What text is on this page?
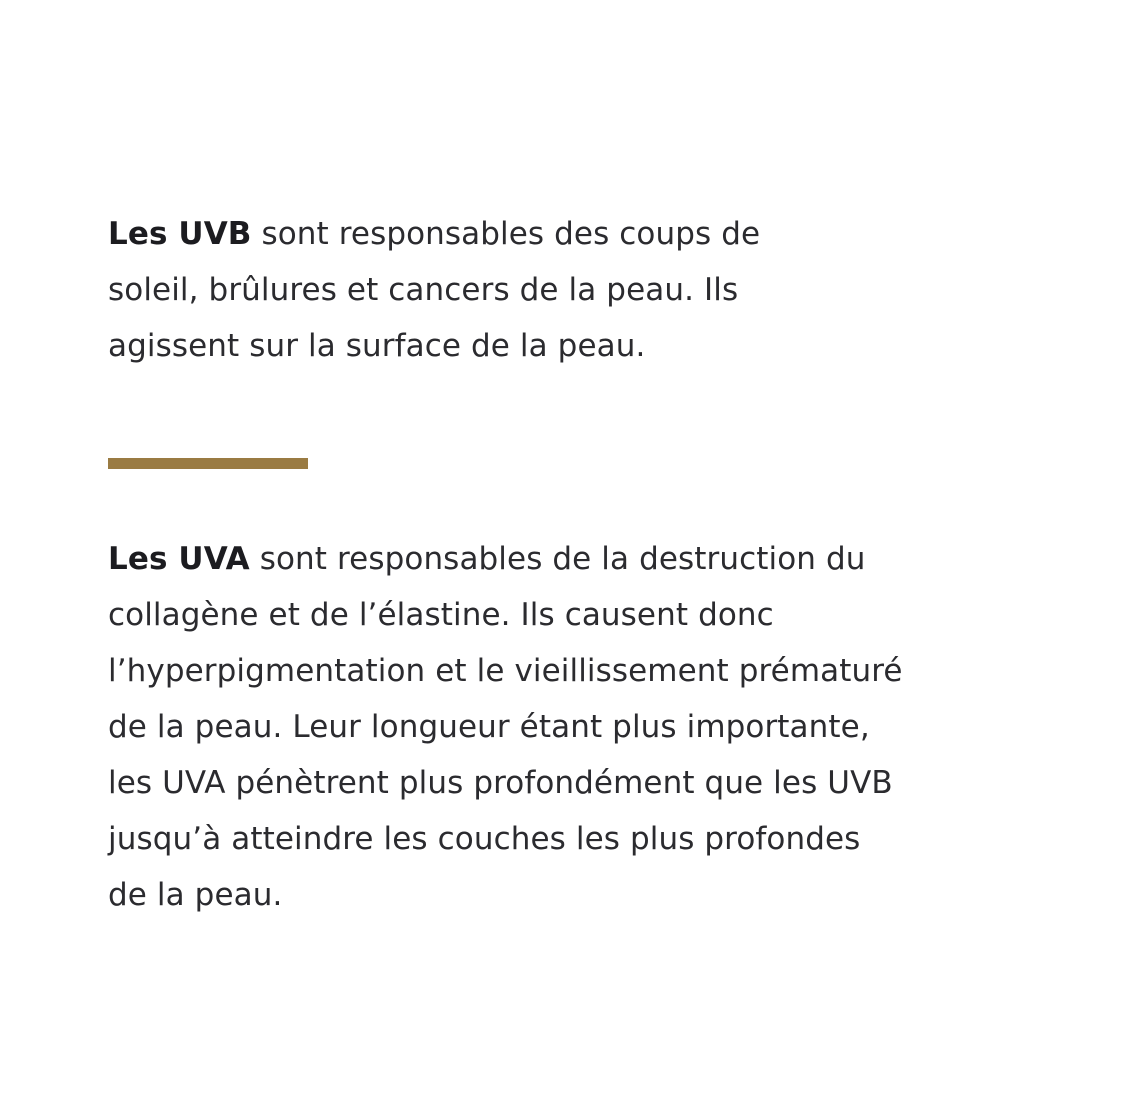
Les UVB sont responsables des coups de soleil, brûlures et cancers de la peau. Ils agissent sur la surface de la peau.

Les UVA sont responsables de la destruction du collagène et de l’élastine. Ils causent donc l’hyperpigmentation et le vieillissement prématuré de la peau. Leur longueur étant plus importante, les UVA pénètrent plus profondément que les UVB jusqu’à atteindre les couches les plus profondes de la peau.
